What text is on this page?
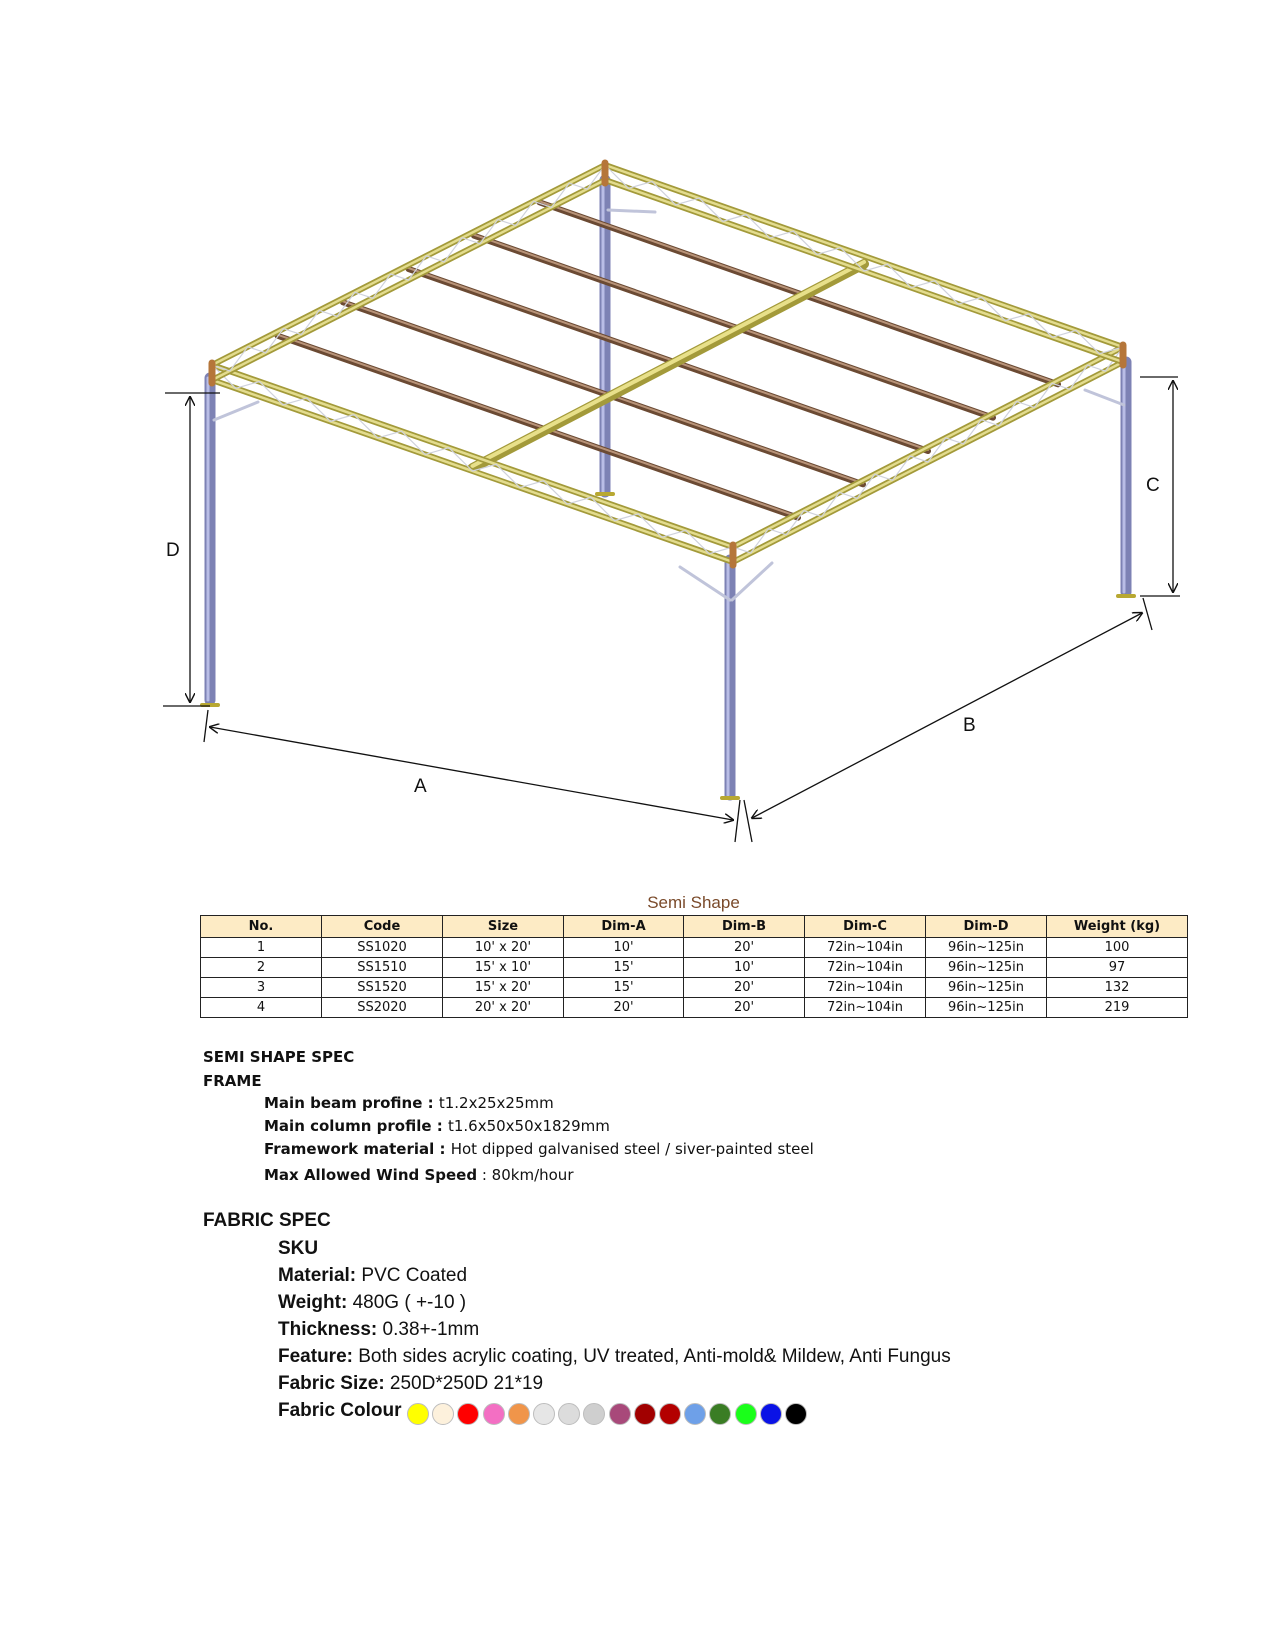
D
C
A
B
Semi Shape
No.	Code	Size	Dim-A	Dim-B	Dim-C	Dim-D	Weight (kg)
1	SS1020	10' x 20'	10'	20'	72in~104in	96in~125in	100
2	SS1510	15' x 10'	15'	10'	72in~104in	96in~125in	97
3	SS1520	15' x 20'	15'	20'	72in~104in	96in~125in	132
4	SS2020	20' x 20'	20'	20'	72in~104in	96in~125in	219
SEMI SHAPE SPEC
FRAME
Main beam profine : t1.2x25x25mm
Main column profile : t1.6x50x50x1829mm
Framework material : Hot dipped galvanised steel / siver-painted steel
Max Allowed Wind Speed : 80km/hour
FABRIC SPEC
SKU
Material: PVC Coated
Weight: 480G ( +-10 )
Thickness: 0.38+-1mm
Feature: Both sides acrylic coating, UV treated, Anti-mold& Mildew, Anti Fungus
Fabric Size: 250D*250D 21*19
Fabric Colour
